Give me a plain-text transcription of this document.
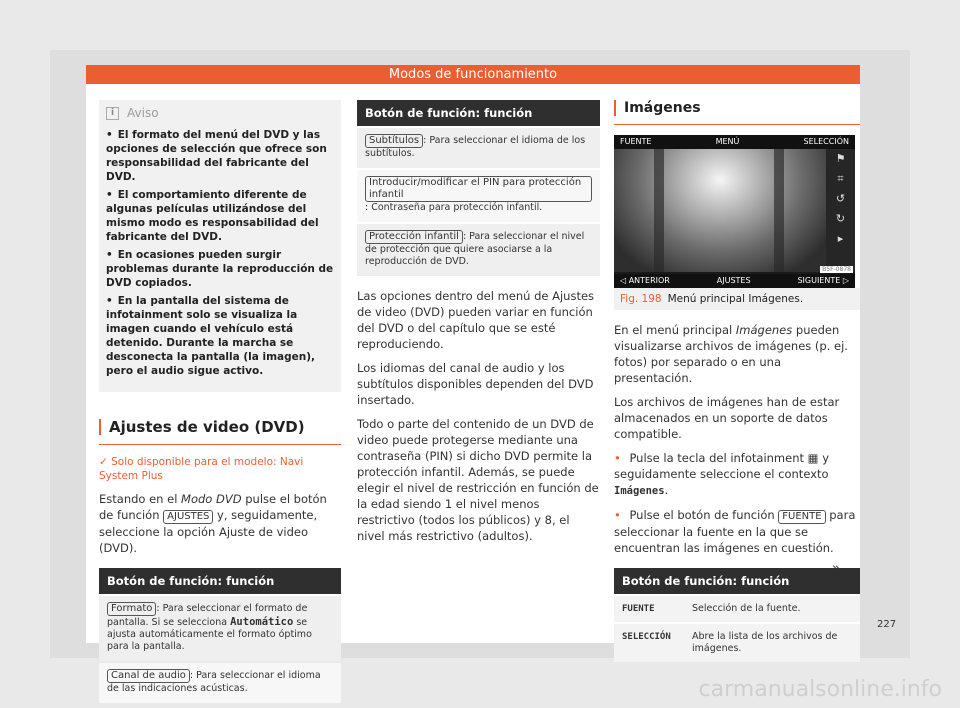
Modos de funcionamiento
i	Aviso
• El formato del menú del DVD y las opciones de selección que ofrece son responsabilidad del fabricante del DVD.
• El comportamiento diferente de algunas películas utilizándose del mismo modo es responsabilidad del fabricante del DVD.
• En ocasiones pueden surgir problemas durante la reproducción de DVD copiados.
• En la pantalla del sistema de infotainment solo se visualiza la imagen cuando el vehículo está detenido. Durante la marcha se desconecta la pantalla (la imagen), pero el audio sigue activo.
Ajustes de video (DVD)
✓ Solo disponible para el modelo: Navi System Plus
Estando en el Modo DVD pulse el botón de función AJUSTES y, seguidamente, seleccione la opción Ajuste de video (DVD).
Botón de función: función
Formato : Para seleccionar el formato de pantalla. Si se selecciona Automático se ajusta automáticamente el formato óptimo para la pantalla.
Canal de audio : Para seleccionar el idioma de las indicaciones acústicas.
Botón de función: función
Subtítulos : Para seleccionar el idioma de los subtítulos.
Introducir/modificar el PIN para protección infantil: Contraseña para protección infantil.
Protección infantil : Para seleccionar el nivel de protección que quiere asociarse a la reproducción de DVD.
Las opciones dentro del menú de Ajustes de video (DVD) pueden variar en función del DVD o del capítulo que se esté reproduciendo.
Los idiomas del canal de audio y los subtítulos disponibles dependen del DVD insertado.
Todo o parte del contenido de un DVD de video puede protegerse mediante una contraseña (PIN) si dicho DVD permite la protección infantil. Además, se puede elegir el nivel de restricción en función de la edad siendo 1 el nivel menos restrictivo (todos los públicos) y 8, el nivel más restrictivo (adultos).
Imágenes
FUENTE	MENÚ	SELECCIÓN
⚑
⌗
↺
↻
▸
◁ ANTERIOR	AJUSTES	SIGUIENTE ▷
B5F-0878
Fig. 198 Menú principal Imágenes.
En el menú principal Imágenes pueden visualizarse archivos de imágenes (p. ej. fotos) por separado o en una presentación.
Los archivos de imágenes han de estar almacenados en un soporte de datos compatible.
• Pulse la tecla del infotainment ▦ y seguidamente seleccione el contexto Imágenes.
• Pulse el botón de función FUENTE para seleccionar la fuente en la que se encuentran las imágenes en cuestión.
Botón de función: función
FUENTE	Selección de la fuente.
SELECCIÓN	Abre la lista de los archivos de imágenes.
»
227
carmanualsonline.info
